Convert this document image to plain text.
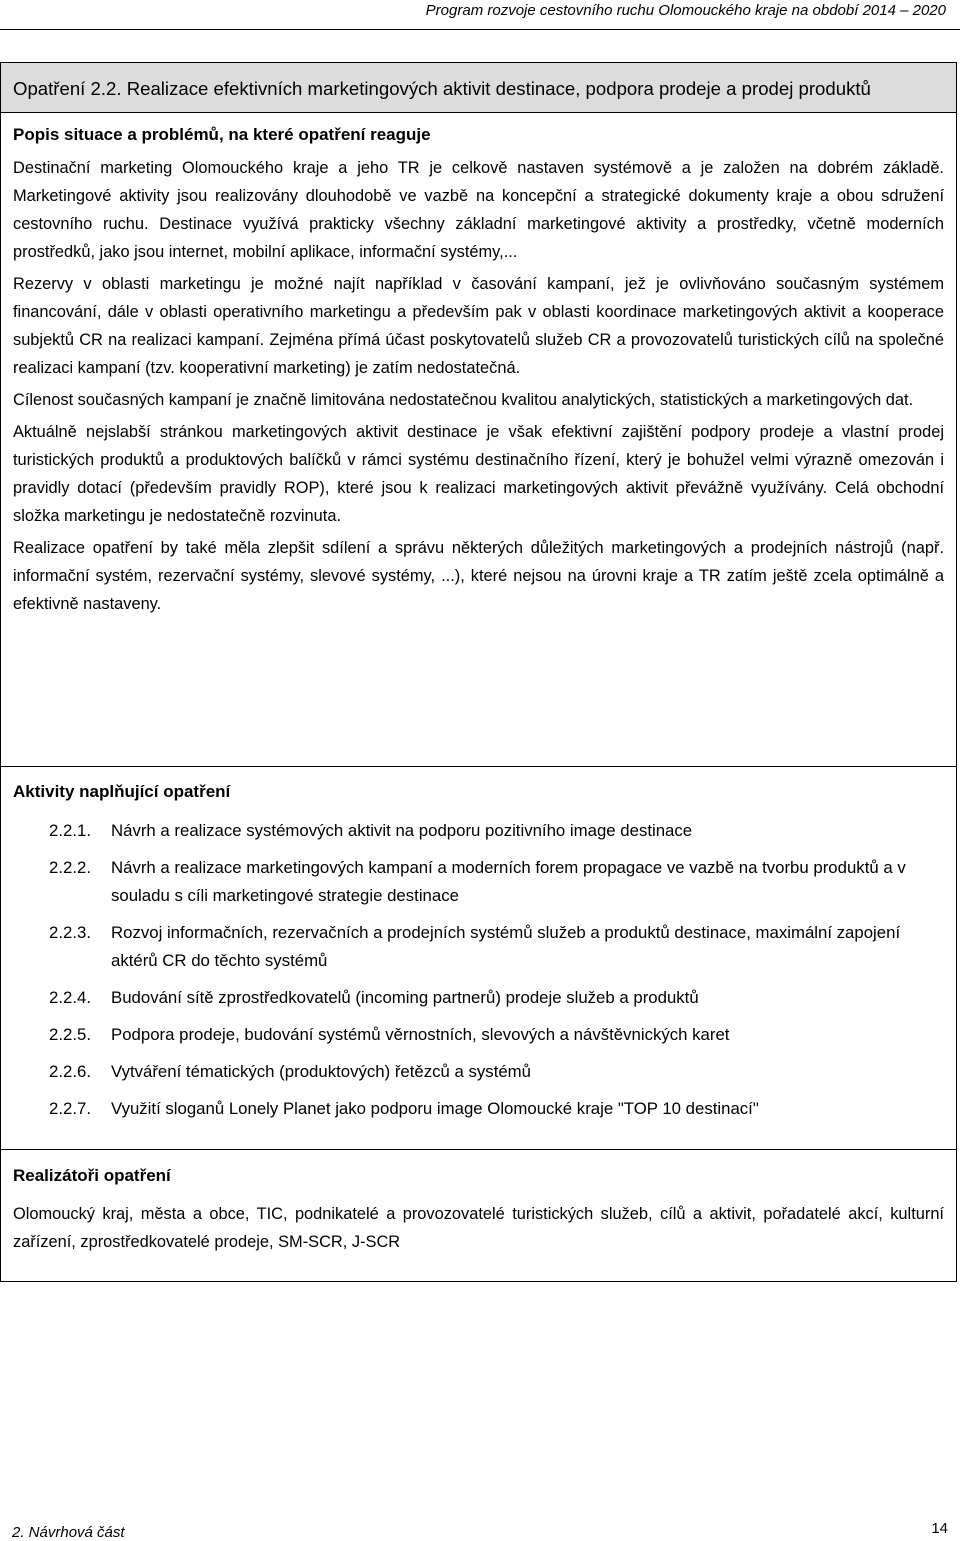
Program rozvoje cestovního ruchu Olomouckého kraje na období 2014 – 2020
Opatření 2.2. Realizace efektivních marketingových aktivit destinace, podpora prodeje a prodej produktů

Popis situace a problémů, na které opatření reaguje

Destinační marketing Olomouckého kraje a jeho TR je celkově nastaven systémově a je založen na dobrém základě. Marketingové aktivity jsou realizovány dlouhodobě ve vazbě na koncepční a strategické dokumenty kraje a obou sdružení cestovního ruchu. Destinace využívá prakticky všechny základní marketingové aktivity a prostředky, včetně moderních prostředků, jako jsou internet, mobilní aplikace, informační systémy,...

Rezervy v oblasti marketingu je možné najít například v časování kampaní, jež je ovlivňováno současným systémem financování, dále v oblasti operativního marketingu a především pak v oblasti koordinace marketingových aktivit a kooperace subjektů CR na realizaci kampaní. Zejména přímá účast poskytovatelů služeb CR a provozovatelů turistických cílů na společné realizaci kampaní (tzv. kooperativní marketing) je zatím nedostatečná.

Cílenost současných kampaní je značně limitována nedostatečnou kvalitou analytických, statistických a marketingových dat.

Aktuálně nejslabší stránkou marketingových aktivit destinace je však efektivní zajištění podpory prodeje a vlastní prodej turistických produktů a produktových balíčků v rámci systému destinačního řízení, který je bohužel velmi výrazně omezován i pravidly dotací (především pravidly ROP), které jsou k realizaci marketingových aktivit převážně využívány. Celá obchodní složka marketingu je nedostatečně rozvinuta.

Realizace opatření by také měla zlepšit sdílení a správu některých důležitých marketingových a prodejních nástrojů (např. informační systém, rezervační systémy, slevové systémy, ...), které nejsou na úrovni kraje a TR zatím ještě zcela optimálně a efektivně nastaveny.

Aktivity naplňující opatření

2.2.1.	Návrh a realizace systémových aktivit na podporu pozitivního image destinace
2.2.2.	Návrh a realizace marketingových kampaní a moderních forem propagace ve vazbě na tvorbu produktů a v souladu s cíli marketingové strategie destinace
2.2.3.	Rozvoj informačních, rezervačních a prodejních systémů služeb a produktů destinace, maximální zapojení aktérů CR do těchto systémů
2.2.4.	Budování sítě zprostředkovatelů (incoming partnerů) prodeje služeb a produktů
2.2.5.	Podpora prodeje, budování systémů věrnostních, slevových a návštěvnických karet
2.2.6.	Vytváření tématických (produktových) řetězců a systémů
2.2.7.	Využití sloganů Lonely Planet jako podporu image Olomoucké kraje "TOP 10 destinací"

Realizátoři opatření

Olomoucký kraj, města a obce, TIC, podnikatelé a provozovatelé turistických služeb, cílů a aktivit, pořadatelé akcí, kulturní zařízení, zprostředkovatelé prodeje, SM-SCR, J-SCR

2. Návrhová část	14
